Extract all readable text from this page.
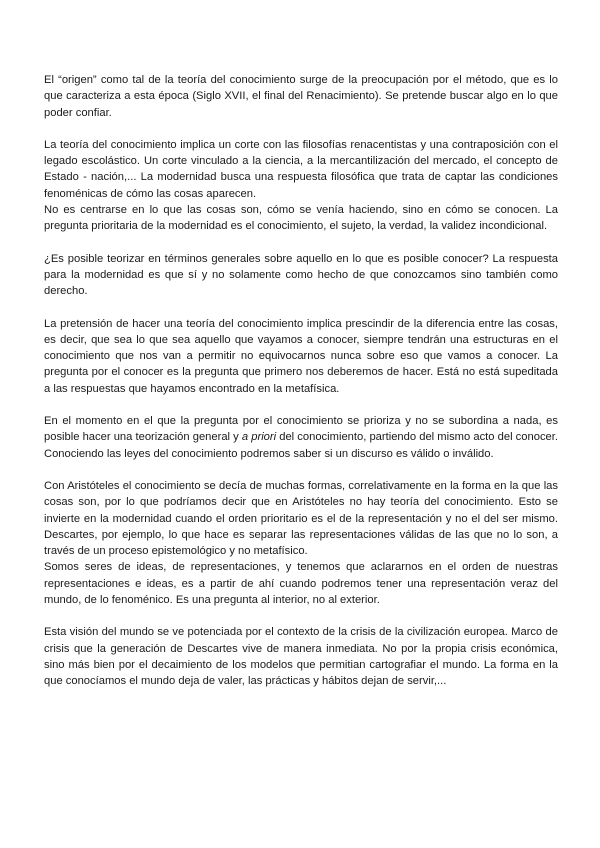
El “origen” como tal de la teoría del conocimiento surge de la preocupación por el método, que es lo que caracteriza a esta época (Siglo XVII, el final del Renacimiento). Se pretende buscar algo en lo que poder confiar.

La teoría del conocimiento implica un corte con las filosofías renacentistas y una contraposición con el legado escolástico. Un corte vinculado a la ciencia, a la mercantilización del mercado, el concepto de Estado - nación,... La modernidad busca una respuesta filosófica que trata de captar las condiciones fenoménicas de cómo las cosas aparecen.

No es centrarse en lo que las cosas son, cómo se venía haciendo, sino en cómo se conocen. La pregunta prioritaria de la modernidad es el conocimiento, el sujeto, la verdad, la validez incondicional.

¿Es posible teorizar en términos generales sobre aquello en lo que es posible conocer? La respuesta para la modernidad es que sí y no solamente como hecho de que conozcamos sino también como derecho.

La pretensión de hacer una teoría del conocimiento implica prescindir de la diferencia entre las cosas, es decir, que sea lo que sea aquello que vayamos a conocer, siempre tendrán una estructuras en el conocimiento que nos van a permitir no equivocarnos nunca sobre eso que vamos a conocer. La pregunta por el conocer es la pregunta que primero nos deberemos de hacer. Está no está supeditada a las respuestas que hayamos encontrado en la metafísica.

En el momento en el que la pregunta por el conocimiento se prioriza y no se subordina a nada, es posible hacer una teorización general y a priori del conocimiento, partiendo del mismo acto del conocer. Conociendo las leyes del conocimiento podremos saber si un discurso es válido o inválido.

Con Aristóteles el conocimiento se decía de muchas formas, correlativamente en la forma en la que las cosas son, por lo que podríamos decir que en Aristóteles no hay teoría del conocimiento. Esto se invierte en la modernidad cuando el orden prioritario es el de la representación y no el del ser mismo. Descartes, por ejemplo, lo que hace es separar las representaciones válidas de las que no lo son, a través de un proceso epistemológico y no metafísico.

Somos seres de ideas, de representaciones, y tenemos que aclararnos en el orden de nuestras representaciones e ideas, es a partir de ahí cuando podremos tener una representación veraz del mundo, de lo fenoménico. Es una pregunta al interior, no al exterior.

Esta visión del mundo se ve potenciada por el contexto de la crisis de la civilización europea. Marco de crisis que la generación de Descartes vive de manera inmediata. No por la propia crisis económica, sino más bien por el decaimiento de los modelos que permitian cartografiar el mundo. La forma en la que conocíamos el mundo deja de valer, las prácticas y hábitos dejan de servir,...
